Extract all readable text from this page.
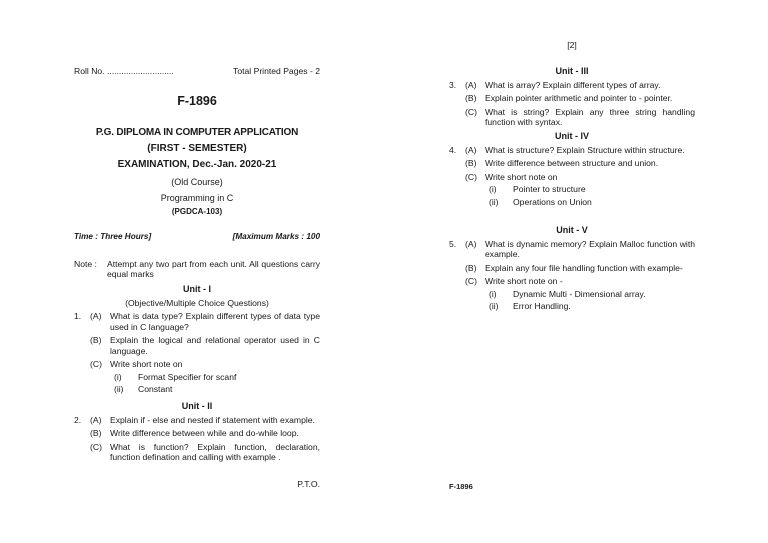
Roll No. ............................	Total Printed Pages - 2
F-1896
P.G. DIPLOMA IN COMPUTER APPLICATION
(FIRST - SEMESTER)
EXAMINATION, Dec.-Jan. 2020-21
(Old Course)
Programming in C
(PGDCA-103)
Time : Three Hours]	[Maximum Marks : 100
Note :	Attempt any two part from each unit. All questions carry equal marks
Unit - I
(Objective/Multiple Choice Questions)
1.	(A) What is data type? Explain different types of data type used in C language?
(B) Explain the logical and relational operator used in C language.
(C) Write short note on
(i)	Format Specifier for scanf
(ii)	Constant
Unit - II
2.	(A) Explain if - else and nested if statement with example.
(B) Write difference between while and do-while loop.
(C) What is function? Explain function, declaration, function defination and calling with example .
P.T.O.
[2]
Unit - III
3.	(A) What is array? Explain different types of array.
(B) Explain pointer arithmetic and pointer to - pointer.
(C) What is string? Explain any three string handling function with syntax.
Unit - IV
4.	(A) What is structure? Explain Structure within structure.
(B) Write difference between structure and union.
(C) Write short note on
(i)	Pointer to structure
(ii)	Operations on Union
Unit - V
5.	(A) What is dynamic memory? Explain Malloc function with example.
(B) Explain any four file handling function with example-
(C) Write short note on -
(i)	Dynamic Multi - Dimensional array.
(ii)	Error Handling.
F-1896
